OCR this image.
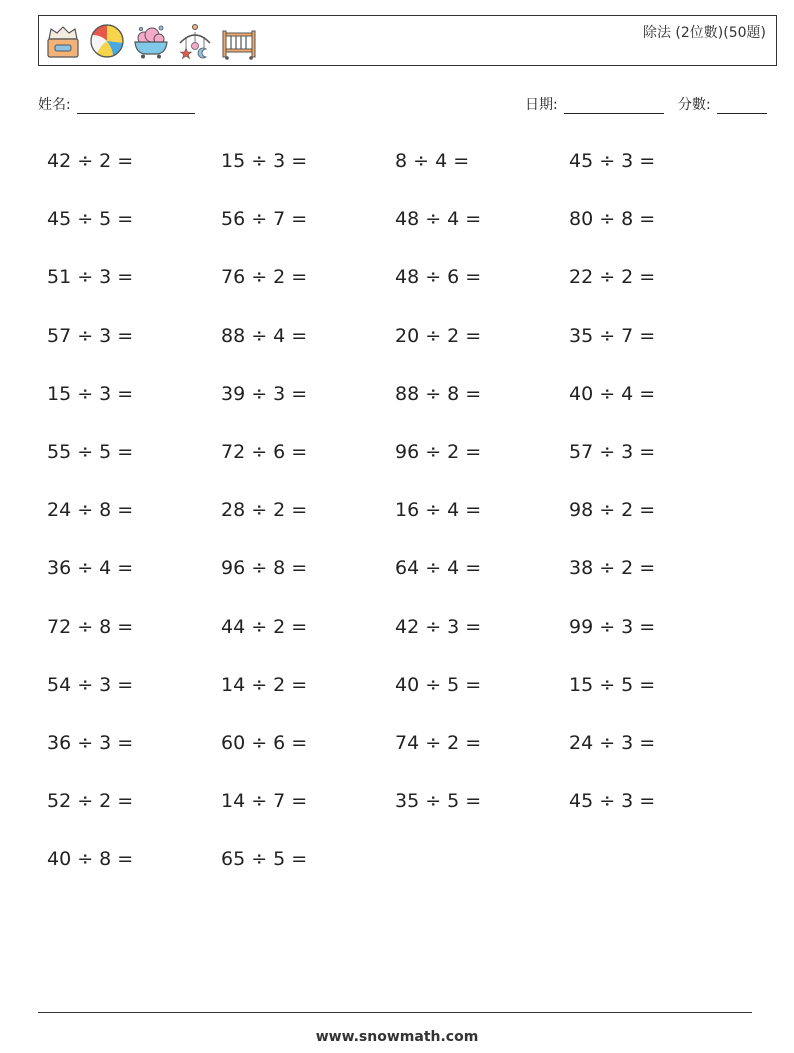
除法 (2位數)(50題)
姓名:	日期:	分數:
42 ÷ 2 =	15 ÷ 3 =	8 ÷ 4 =	45 ÷ 3 =
45 ÷ 5 =	56 ÷ 7 =	48 ÷ 4 =	80 ÷ 8 =
51 ÷ 3 =	76 ÷ 2 =	48 ÷ 6 =	22 ÷ 2 =
57 ÷ 3 =	88 ÷ 4 =	20 ÷ 2 =	35 ÷ 7 =
15 ÷ 3 =	39 ÷ 3 =	88 ÷ 8 =	40 ÷ 4 =
55 ÷ 5 =	72 ÷ 6 =	96 ÷ 2 =	57 ÷ 3 =
24 ÷ 8 =	28 ÷ 2 =	16 ÷ 4 =	98 ÷ 2 =
36 ÷ 4 =	96 ÷ 8 =	64 ÷ 4 =	38 ÷ 2 =
72 ÷ 8 =	44 ÷ 2 =	42 ÷ 3 =	99 ÷ 3 =
54 ÷ 3 =	14 ÷ 2 =	40 ÷ 5 =	15 ÷ 5 =
36 ÷ 3 =	60 ÷ 6 =	74 ÷ 2 =	24 ÷ 3 =
52 ÷ 2 =	14 ÷ 7 =	35 ÷ 5 =	45 ÷ 3 =
40 ÷ 8 =	65 ÷ 5 =
www.snowmath.com
